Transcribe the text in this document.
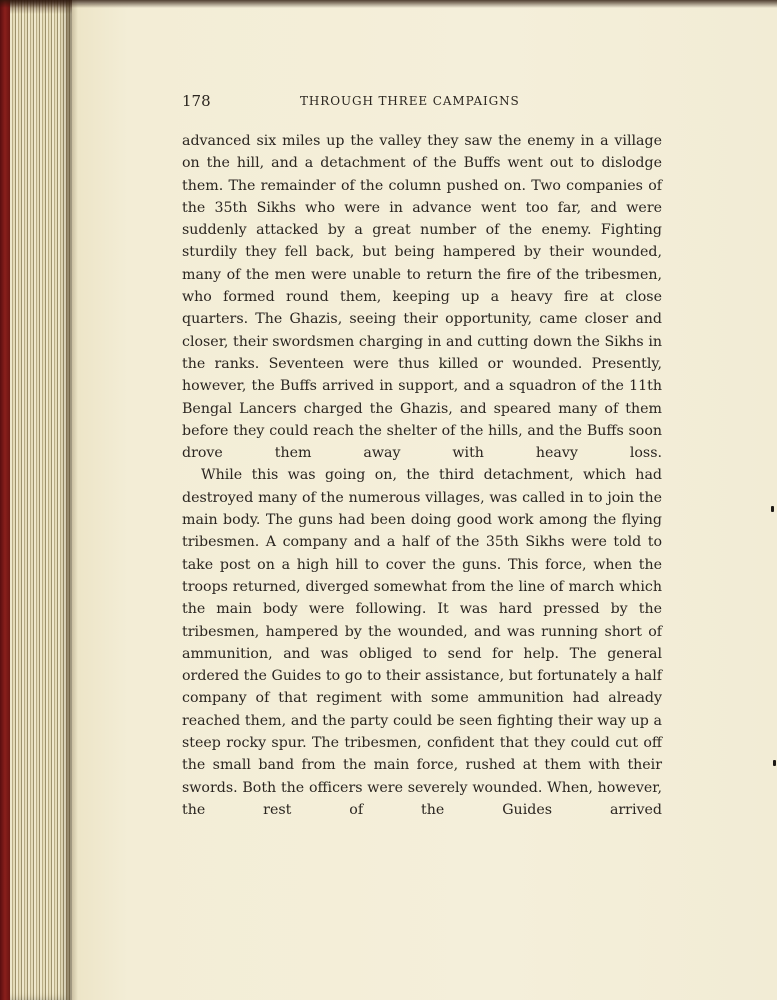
178	THROUGH THREE CAMPAIGNS

advanced six miles up the valley they saw the enemy in a village on the hill, and a detachment of the Buffs went out to dislodge them. The remainder of the column pushed on. Two companies of the 35th Sikhs who were in advance went too far, and were suddenly attacked by a great number of the enemy. Fighting sturdily they fell back, but being hampered by their wounded, many of the men were unable to return the fire of the tribesmen, who formed round them, keeping up a heavy fire at close quarters. The Ghazis, seeing their opportunity, came closer and closer, their swordsmen charging in and cutting down the Sikhs in the ranks. Seventeen were thus killed or wounded. Presently, however, the Buffs arrived in support, and a squadron of the 11th Bengal Lancers charged the Ghazis, and speared many of them before they could reach the shelter of the hills, and the Buffs soon drove them away with heavy loss.

While this was going on, the third detachment, which had destroyed many of the numerous villages, was called in to join the main body. The guns had been doing good work among the flying tribesmen. A company and a half of the 35th Sikhs were told to take post on a high hill to cover the guns. This force, when the troops returned, diverged somewhat from the line of march which the main body were following. It was hard pressed by the tribesmen, hampered by the wounded, and was running short of ammunition, and was obliged to send for help. The general ordered the Guides to go to their assistance, but fortunately a half company of that regiment with some ammunition had already reached them, and the party could be seen fighting their way up a steep rocky spur. The tribesmen, confident that they could cut off the small band from the main force, rushed at them with their swords. Both the officers were severely wounded. When, however, the rest of the Guides arrived
